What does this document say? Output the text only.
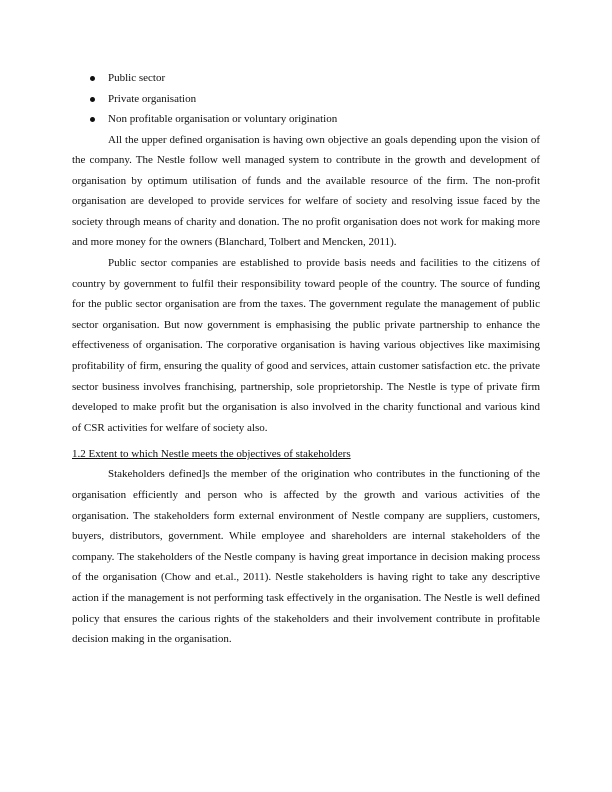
Public sector
Private organisation
Non profitable organisation or voluntary origination

All the upper defined organisation is having own objective an goals depending upon the vision of the company. The Nestle follow well managed system to contribute in the growth and development of organisation by optimum utilisation of funds and the available resource of the firm. The non-profit organisation are developed to provide services for welfare of society and resolving issue faced by the society through means of charity and donation. The no profit organisation does not work for making more and more money for the owners (Blanchard, Tolbert and Mencken, 2011).

Public sector companies are established to provide basis needs and facilities to the citizens of country by government to fulfil their responsibility toward people of the country. The source of funding for the public sector organisation are from the taxes. The government regulate the management of public sector organisation. But now government is emphasising the public private partnership to enhance the effectiveness of organisation. The corporative organisation is having various objectives like maximising profitability of firm, ensuring the quality of good and services, attain customer satisfaction etc. the private sector business involves franchising, partnership, sole proprietorship. The Nestle is type of private firm developed to make profit but the organisation is also involved in the charity functional and various kind of CSR activities for welfare of society also.

1.2 Extent to which Nestle meets the objectives of stakeholders

Stakeholders defined]s the member of the origination who contributes in the functioning of the organisation efficiently and person who is affected by the growth and various activities of the organisation. The stakeholders form external environment of Nestle company are suppliers, customers, buyers, distributors, government. While employee and shareholders are internal stakeholders of the company. The stakeholders of the Nestle company is having great importance in decision making process of the organisation (Chow and et.al., 2011). Nestle stakeholders is having right to take any descriptive action if the management is not performing task effectively in the organisation. The Nestle is well defined policy that ensures the carious rights of the stakeholders and their involvement contribute in profitable decision making in the organisation.
